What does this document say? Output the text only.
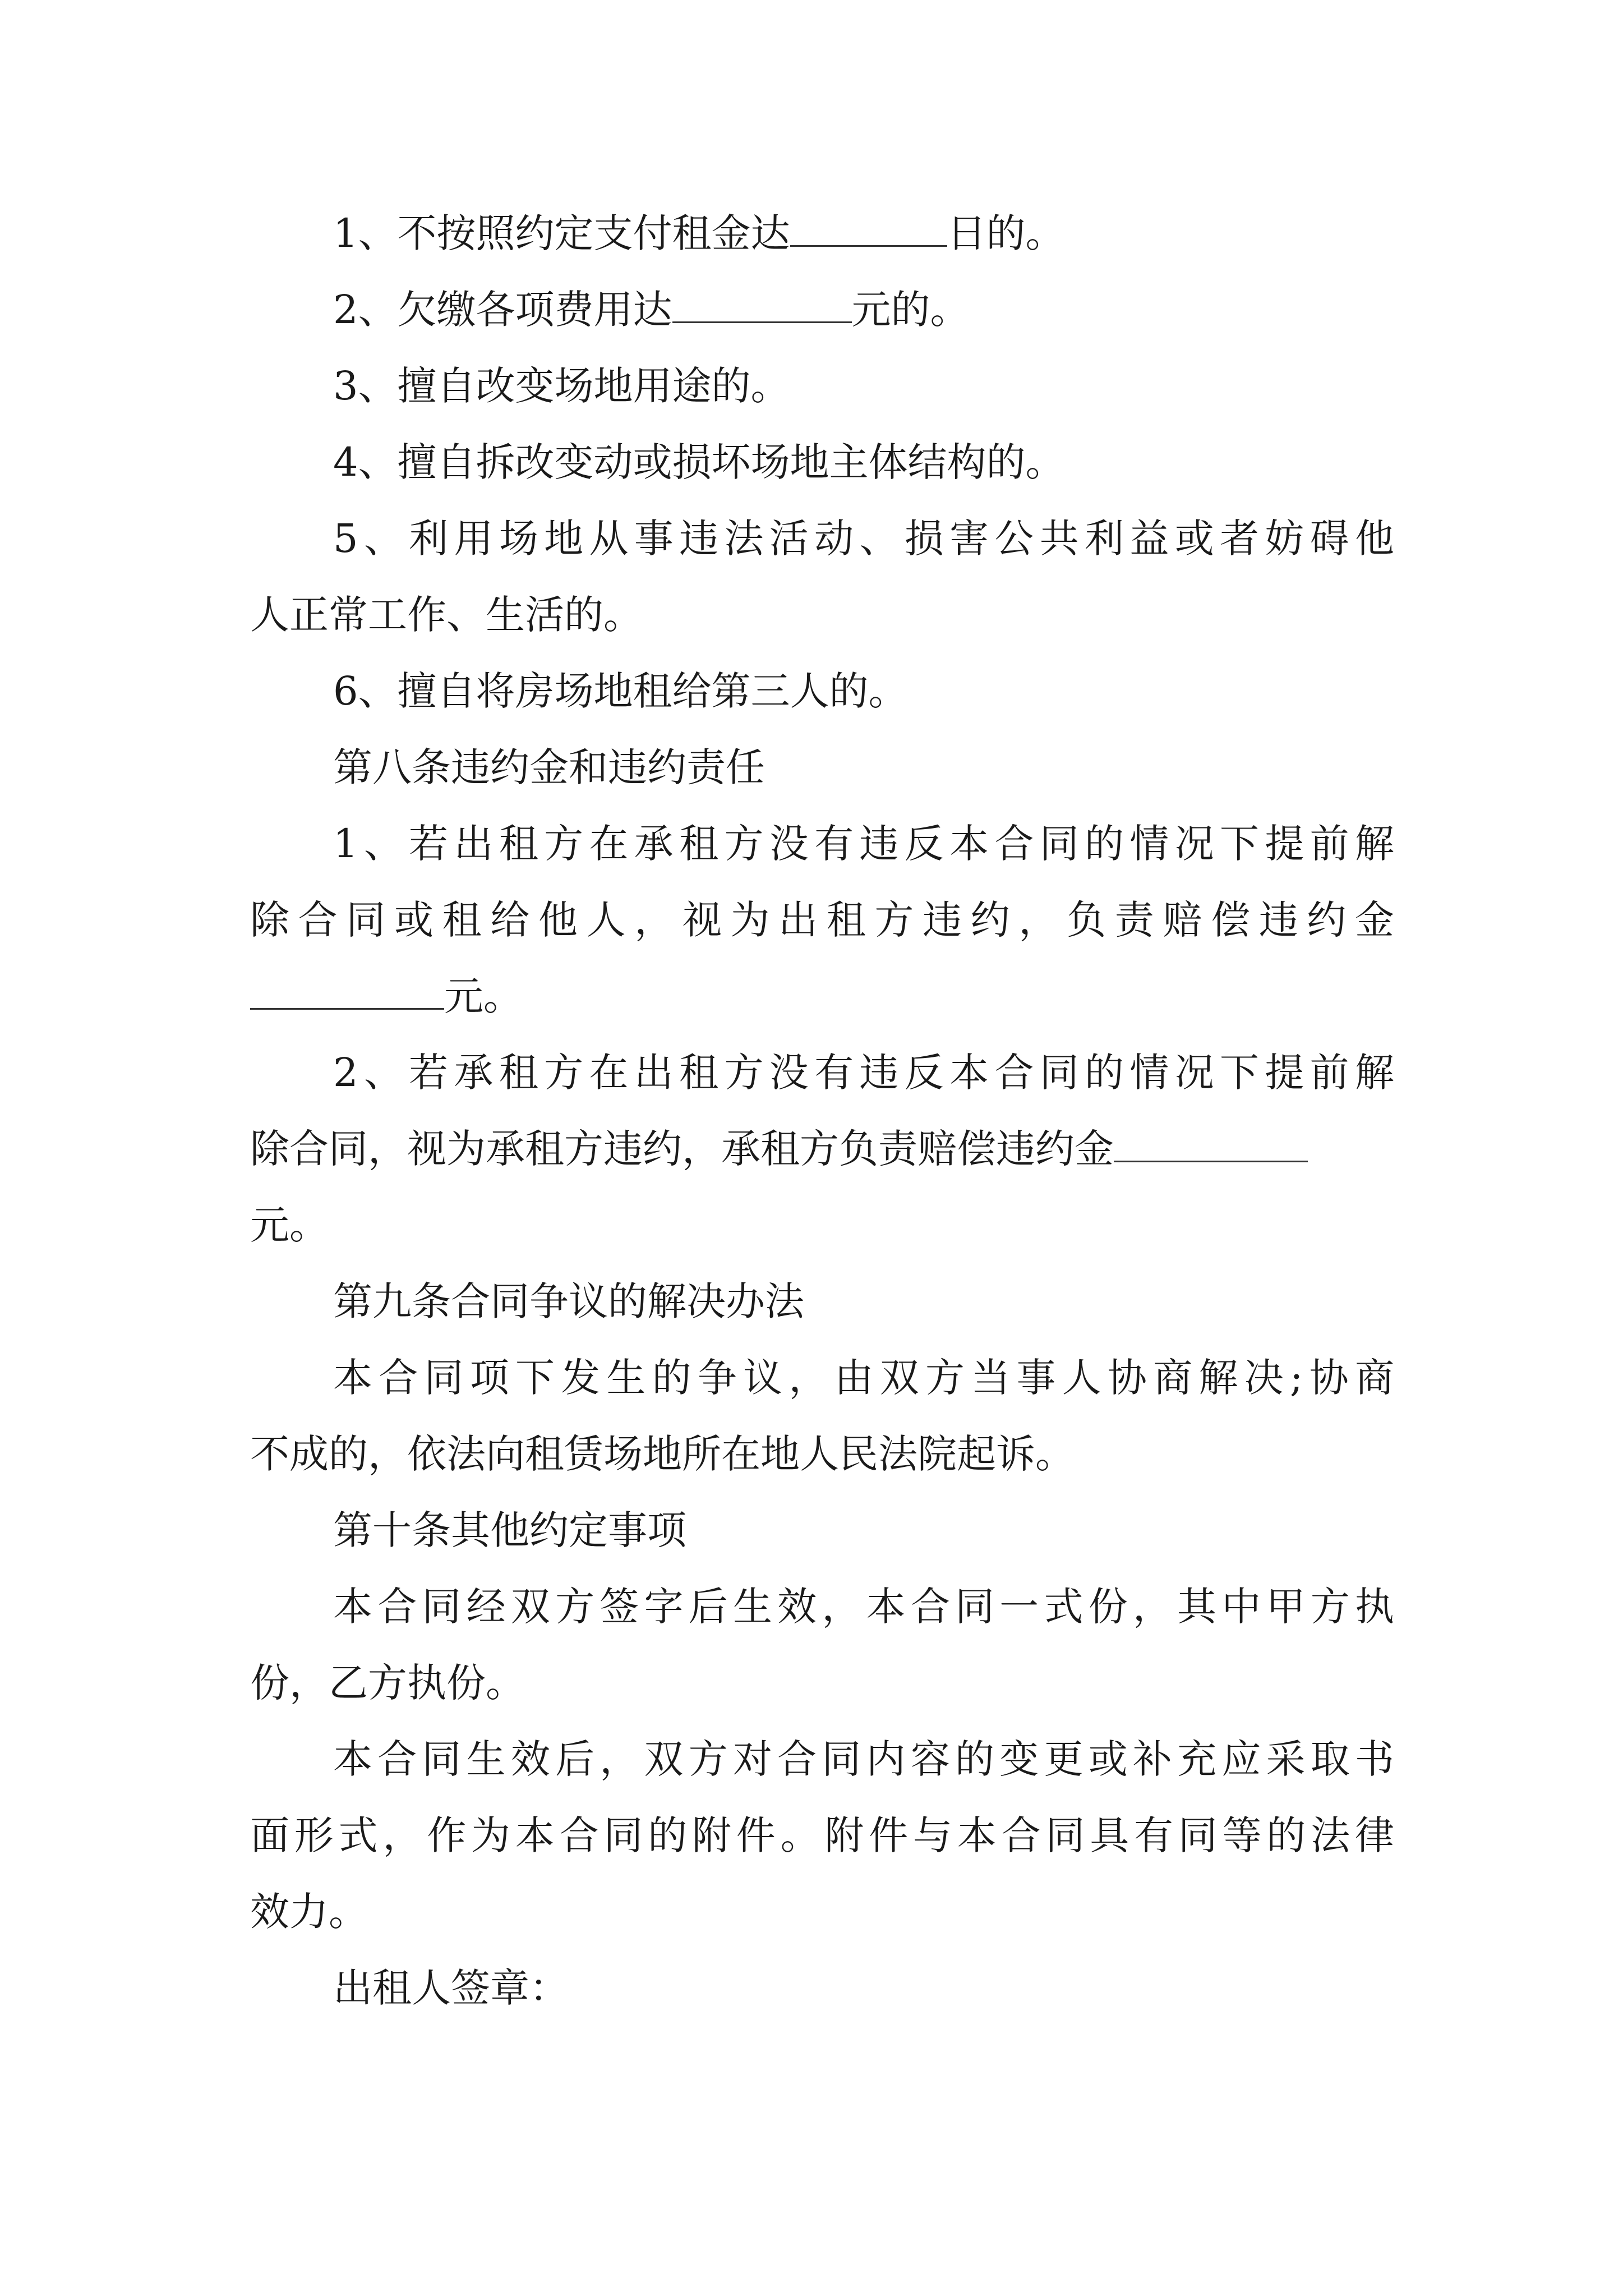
1、不按照约定支付租金达	日的。
2、欠缴各项费用达	元的。
3、擅自改变场地用途的。
4、擅自拆改变动或损坏场地主体结构的。
5、利用场地从事违法活动、损害公共利益或者妨碍他
人正常工作、生活的。
6、擅自将房场地租给第三人的。
第八条违约金和违约责任
1、若出租方在承租方没有违反本合同的情况下提前解
除合同或租给他人，视为出租方违约，负责赔偿违约金
元。
2、若承租方在出租方没有违反本合同的情况下提前解
除合同，视为承租方违约，承租方负责赔偿违约金
元。
第九条合同争议的解决办法
本合同项下发生的争议，由双方当事人协商解决;协商
不成的，依法向租赁场地所在地人民法院起诉。
第十条其他约定事项
本合同经双方签字后生效，本合同一式份，其中甲方执
份，乙方执份。
本合同生效后，双方对合同内容的变更或补充应采取书
面形式，作为本合同的附件。附件与本合同具有同等的法律
效力。
出租人签章：
